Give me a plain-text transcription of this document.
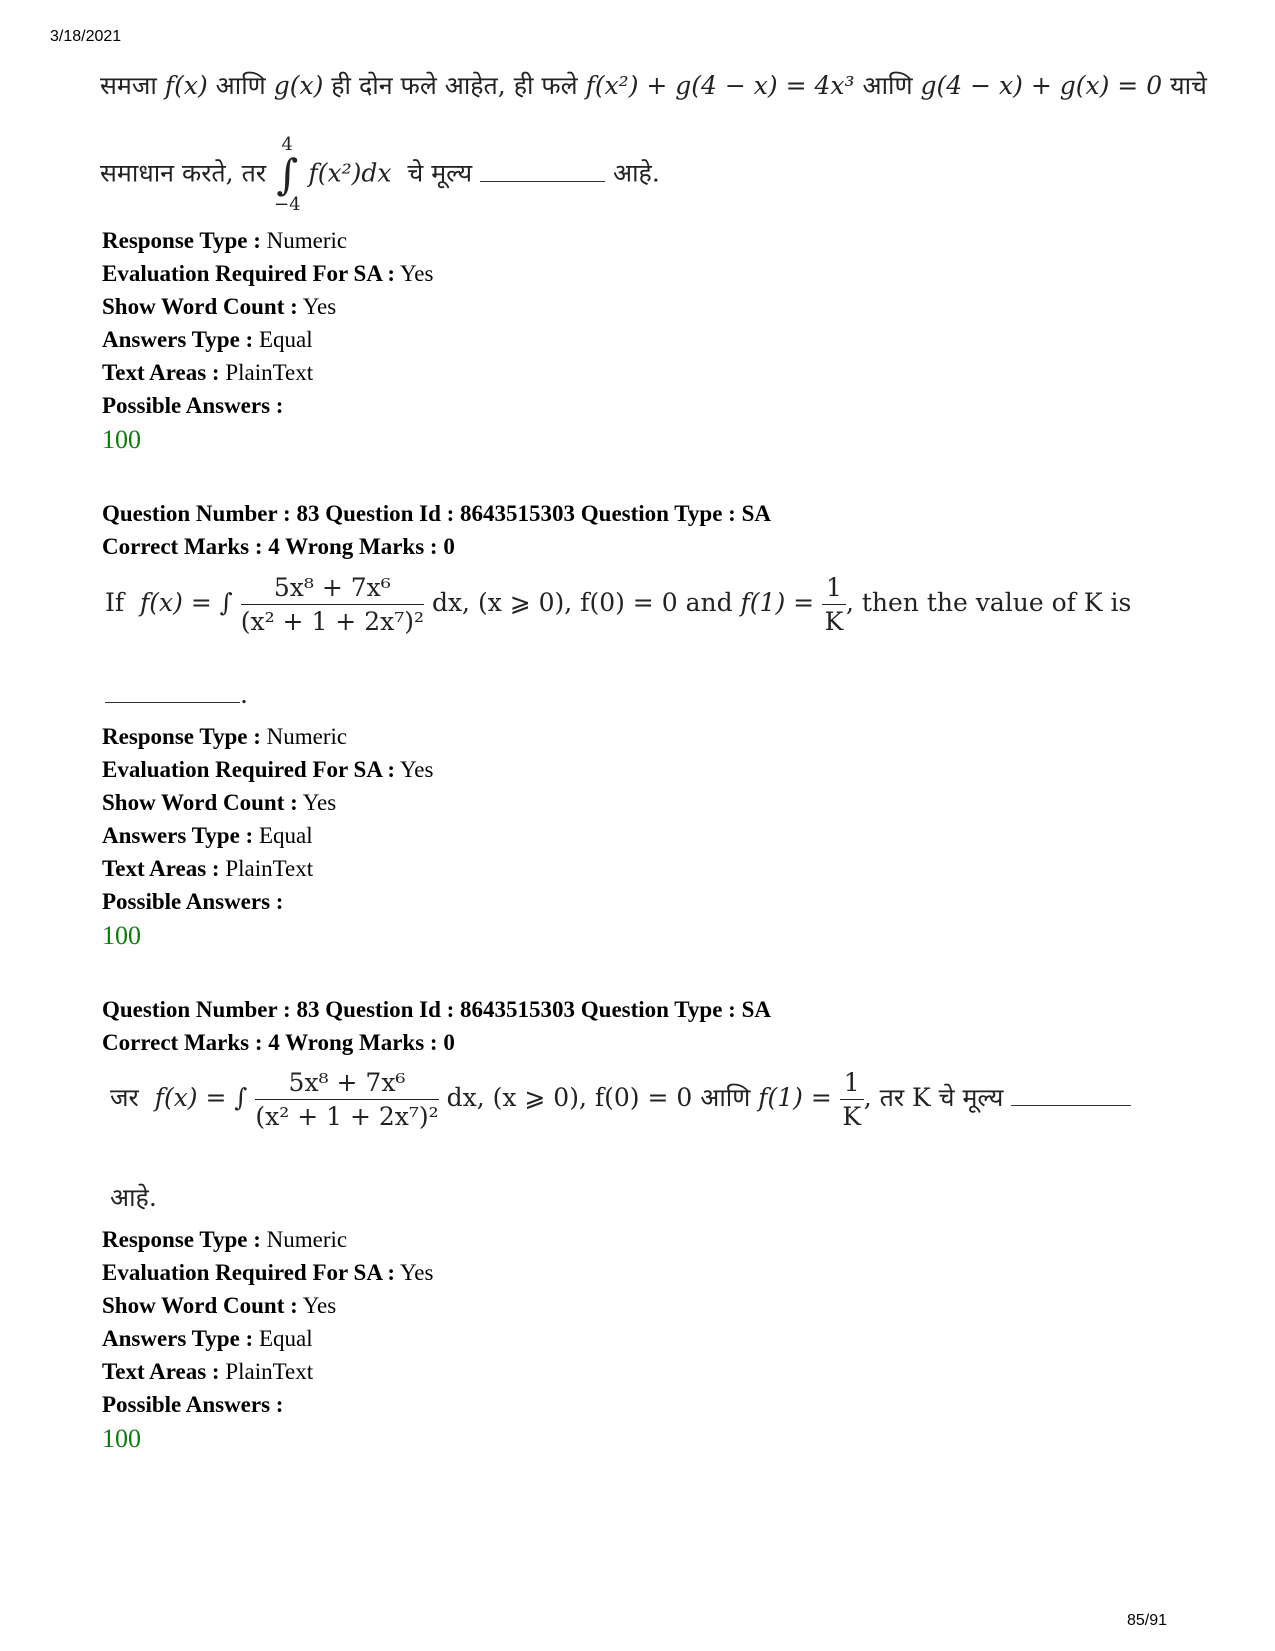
3/18/2021
समजा f(x) आणि g(x) ही दोन फले आहेत, ही फले f(x²) + g(4 − x) = 4x³ आणि g(4 − x) + g(x) = 0 याचे
समाधान करते, तर 4
∫
−4 f(x²)dx चे मूल्य	आहे.
Response Type : Numeric
Evaluation Required For SA : Yes
Show Word Count : Yes
Answers Type : Equal
Text Areas : PlainText
Possible Answers :
100
Question Number : 83 Question Id : 8643515303 Question Type : SA
Correct Marks : 4 Wrong Marks : 0
If f(x) = ∫ $\frac{\text{5x⁸ + 7x⁶}}{\text{(x² + 1 + 2x⁷)²}}$ dx, (x ⩾ 0), f(0) = 0 and $f(1) = \frac{1}{K}$ , then the value of K is
.
Response Type : Numeric
Evaluation Required For SA : Yes
Show Word Count : Yes
Answers Type : Equal
Text Areas : PlainText
Possible Answers :
100
Question Number : 83 Question Id : 8643515303 Question Type : SA
Correct Marks : 4 Wrong Marks : 0
जर f(x) = ∫ $\frac{\text{5x⁸ + 7x⁶}}{\text{(x² + 1 + 2x⁷)²}}$ dx, (x ⩾ 0), f(0) = 0 आणि $f(1) = \frac{1}{K}$ , तर K चे मूल्य
आहे.
Response Type : Numeric
Evaluation Required For SA : Yes
Show Word Count : Yes
Answers Type : Equal
Text Areas : PlainText
Possible Answers :
100
85/91
